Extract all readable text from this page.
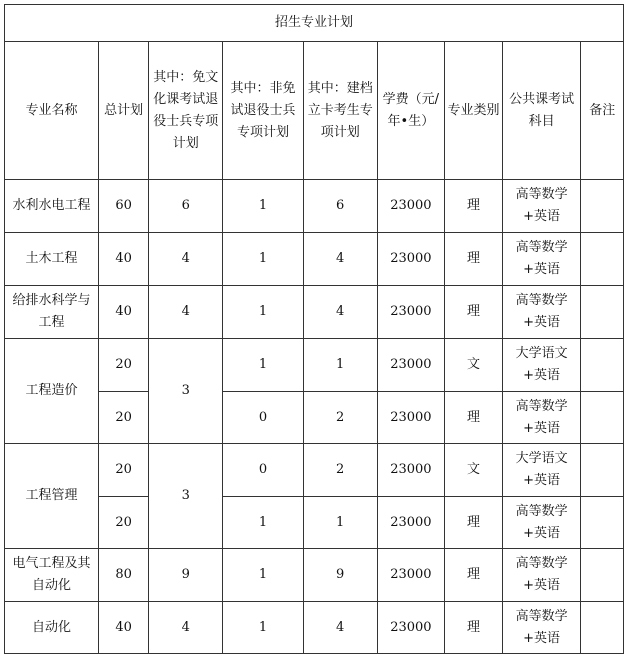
招生专业计划								
专业名称	总计划	其中：免文化课考试退役士兵专项计划	其中：非免试退役士兵专项计划	其中：建档立卡考生专项计划	学费（元/年•生）	专业类别	公共课考试科目	备注
水利水电工程	60	6	1	6	23000	理	高等数学+英语	
土木工程	40	4	1	4	23000	理	高等数学+英语	
给排水科学与工程	40	4	1	4	23000	理	高等数学+英语	
工程造价	20	3	1	1	23000	文	大学语文+英语	
	20		0	2	23000	理	高等数学+英语	
工程管理	20	3	0	2	23000	文	大学语文+英语	
	20		1	1	23000	理	高等数学+英语	
电气工程及其自动化	80	9	1	9	23000	理	高等数学+英语	
自动化	40	4	1	4	23000	理	高等数学+英语	
